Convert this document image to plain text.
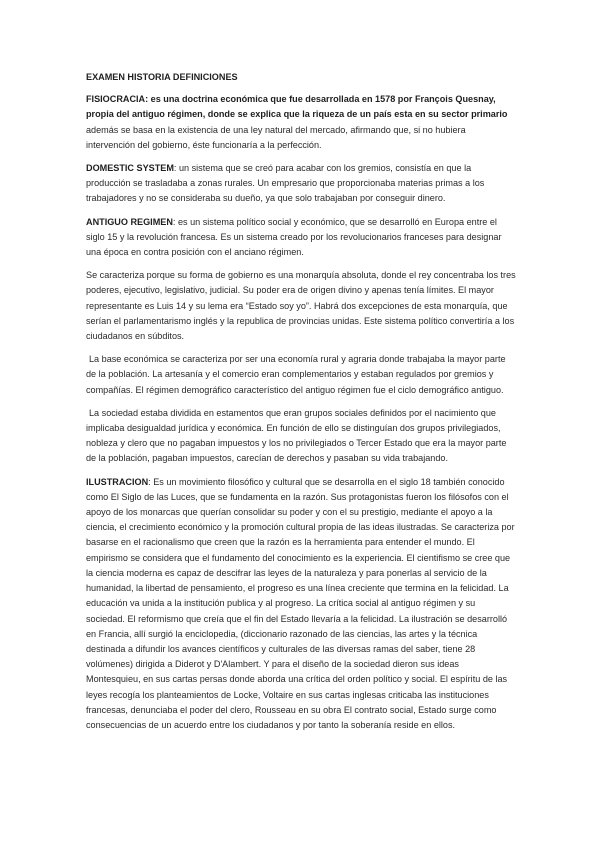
EXAMEN HISTORIA DEFINICIONES

FISIOCRACIA: es una doctrina económica que fue desarrollada en 1578 por François Quesnay, propia del antiguo régimen, donde se explica que la riqueza de un país esta en su sector primario además se basa en la existencia de una ley natural del mercado, afirmando que, si no hubiera intervención del gobierno, éste funcionaría a la perfección.

DOMESTIC SYSTEM: un sistema que se creó para acabar con los gremios, consistía en que la producción se trasladaba a zonas rurales. Un empresario que proporcionaba materias primas a los trabajadores y no se consideraba su dueño, ya que solo trabajaban por conseguir dinero.

ANTIGUO REGIMEN: es un sistema político social y económico, que se desarrolló en Europa entre el siglo 15 y la revolución francesa. Es un sistema creado por los revolucionarios franceses para designar una época en contra posición con el anciano régimen.

Se caracteriza porque su forma de gobierno es una monarquía absoluta, donde el rey concentraba los tres poderes, ejecutivo, legislativo, judicial. Su poder era de origen divino y apenas tenía límites. El mayor representante es Luis 14 y su lema era “Estado soy yo”. Habrá dos excepciones de esta monarquía, que serían el parlamentarismo inglés y la republica de provincias unidas. Este sistema político convertiría a los ciudadanos en súbditos.

La base económica se caracteriza por ser una economía rural y agraria donde trabajaba la mayor parte de la población. La artesanía y el comercio eran complementarios y estaban regulados por gremios y compañías. El régimen demográfico característico del antiguo régimen fue el ciclo demográfico antiguo.

La sociedad estaba dividida en estamentos que eran grupos sociales definidos por el nacimiento que implicaba desigualdad jurídica y económica. En función de ello se distinguían dos grupos privilegiados, nobleza y clero que no pagaban impuestos y los no privilegiados o Tercer Estado que era la mayor parte de la población, pagaban impuestos, carecían de derechos y pasaban su vida trabajando.

ILUSTRACION: Es un movimiento filosófico y cultural que se desarrolla en el siglo 18 también conocido como El Siglo de las Luces, que se fundamenta en la razón. Sus protagonistas fueron los filósofos con el apoyo de los monarcas que querían consolidar su poder y con el su prestigio, mediante el apoyo a la ciencia, el crecimiento económico y la promoción cultural propia de las ideas ilustradas. Se caracteriza por basarse en el racionalismo que creen que la razón es la herramienta para entender el mundo. El empirismo se considera que el fundamento del conocimiento es la experiencia. El cientifismo se cree que la ciencia moderna es capaz de descifrar las leyes de la naturaleza y para ponerlas al servicio de la humanidad, la libertad de pensamiento, el progreso es una línea creciente que termina en la felicidad. La educación va unida a la institución publica y al progreso. La crítica social al antiguo régimen y su sociedad. El reformismo que creía que el fin del Estado llevaría a la felicidad. La ilustración se desarrolló en Francia, allí surgió la enciclopedia, (diccionario razonado de las ciencias, las artes y la técnica destinada a difundir los avances científicos y culturales de las diversas ramas del saber, tiene 28 volúmenes) dirigida a Diderot y D'Alambert. Y para el diseño de la sociedad dieron sus ideas Montesquieu, en sus cartas persas donde aborda una crítica del orden político y social. El espíritu de las leyes recogía los planteamientos de Locke, Voltaire en sus cartas inglesas criticaba las instituciones francesas, denunciaba el poder del clero, Rousseau en su obra El contrato social, Estado surge como consecuencias de un acuerdo entre los ciudadanos y por tanto la soberanía reside en ellos.
